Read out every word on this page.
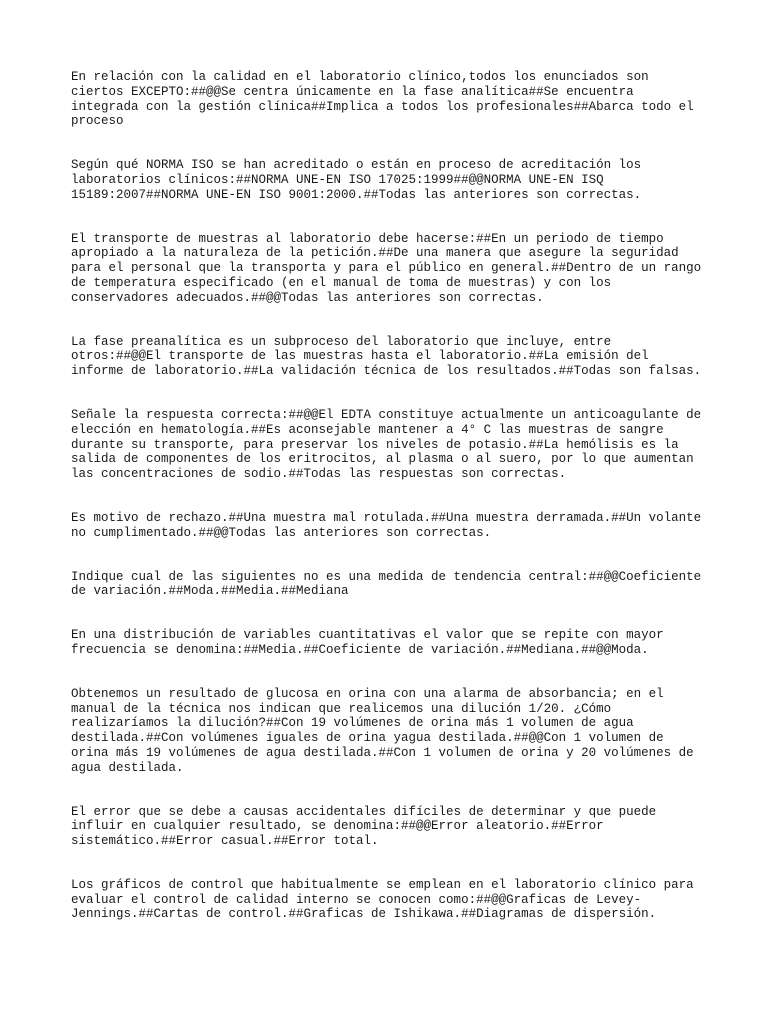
En relación con la calidad en el laboratorio clínico,todos los enunciados son ciertos EXCEPTO:##@@Se centra únicamente en la fase analítica##Se encuentra integrada con la gestión clínica##Implica a todos los profesionales##Abarca todo el proceso

Según qué NORMA ISO se han acreditado o están en proceso de acreditación los laboratorios clínicos:##NORMA UNE-EN ISO 17025:1999##@@NORMA UNE-EN ISQ 15189:2007##NORMA UNE-EN ISO 9001:2000.##Todas las anteriores son correctas.

El transporte de muestras al laboratorio debe hacerse:##En un periodo de tiempo apropiado a la naturaleza de la petición.##De una manera que asegure la seguridad para el personal que la transporta y para el público en general.##Dentro de un rango de temperatura especificado (en el manual de toma de muestras) y con los conservadores adecuados.##@@Todas las anteriores son correctas.

La fase preanalítica es un subproceso del laboratorio que incluye, entre otros:##@@El transporte de las muestras hasta el laboratorio.##La emisión del informe de laboratorio.##La validación técnica de los resultados.##Todas son falsas.

Señale la respuesta correcta:##@@El EDTA constituye actualmente un anticoagulante de elección en hematología.##Es aconsejable mantener a 4° C las muestras de sangre durante su transporte, para preservar los niveles de potasio.##La hemólisis es la salida de componentes de los eritrocitos, al plasma o al suero, por lo que aumentan las concentraciones de sodio.##Todas las respuestas son correctas.

Es motivo de rechazo.##Una muestra mal rotulada.##Una muestra derramada.##Un volante no cumplimentado.##@@Todas las anteriores son correctas.

Indique cual de las siguientes no es una medida de tendencia central:##@@Coeficiente de variación.##Moda.##Media.##Mediana

En una distribución de variables cuantitativas el valor que se repite con mayor frecuencia se denomina:##Media.##Coeficiente de variación.##Mediana.##@@Moda.

Obtenemos un resultado de glucosa en orina con una alarma de absorbancia; en el manual de la técnica nos indican que realicemos una dilución 1/20. ¿Cómo realizaríamos la dilución?##Con 19 volúmenes de orina más 1 volumen de agua destilada.##Con volúmenes iguales de orina yagua destilada.##@@Con 1 volumen de orina más 19 volúmenes de agua destilada.##Con 1 volumen de orina y 20 volúmenes de agua destilada.

El error que se debe a causas accidentales difíciles de determinar y que puede influir en cualquier resultado, se denomina:##@@Error aleatorio.##Error sistemático.##Error casual.##Error total.

Los gráficos de control que habitualmente se emplean en el laboratorio clínico para evaluar el control de calidad interno se conocen como:##@@Graficas de Levey-Jennings.##Cartas de control.##Graficas de Ishikawa.##Diagramas de dispersión.
